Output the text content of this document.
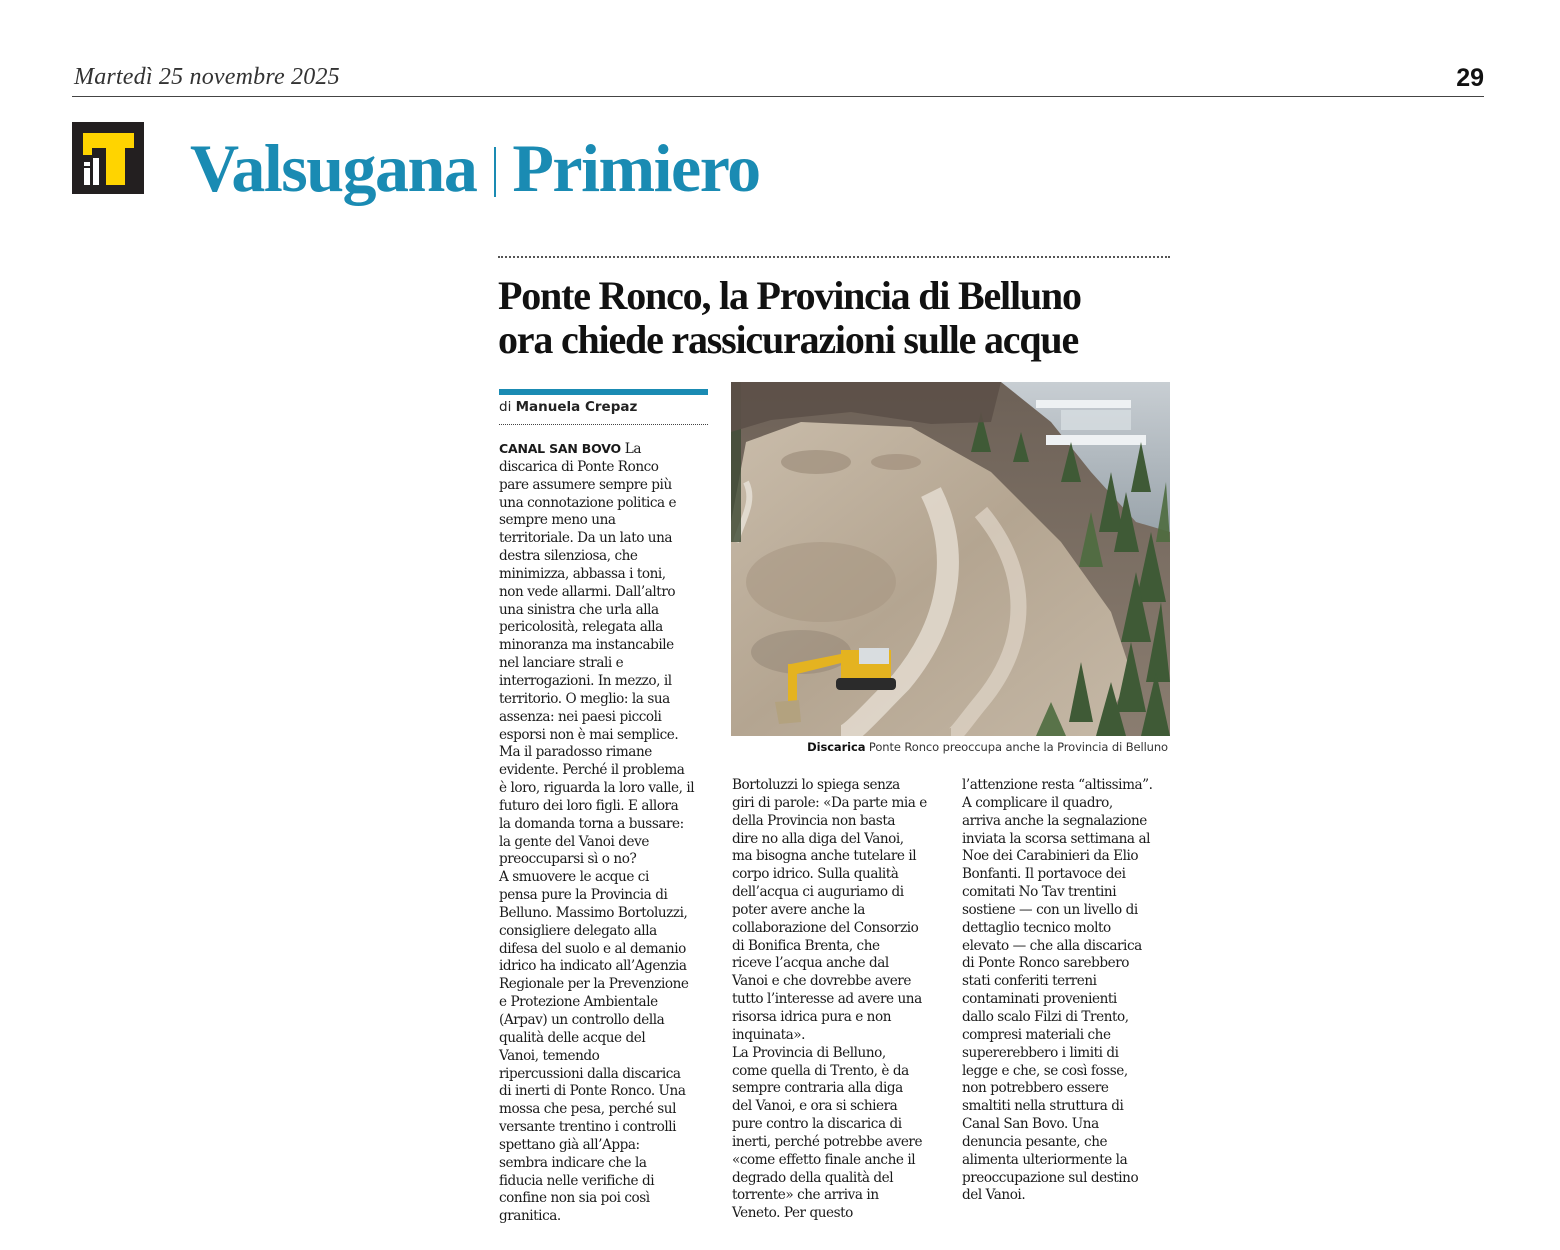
Martedì 25 novembre 2025	29
Valsugana Primiero
Ponte Ronco, la Provincia di Belluno
ora chiede rassicurazioni sulle acque
di Manuela Crepaz
CANAL SAN BOVO La
discarica di Ponte Ronco
pare assumere sempre più
una connotazione politica e
sempre meno una
territoriale. Da un lato una
destra silenziosa, che
minimizza, abbassa i toni,
non vede allarmi. Dall’altro
una sinistra che urla alla
pericolosità, relegata alla
minoranza ma instancabile
nel lanciare strali e
interrogazioni. In mezzo, il
territorio. O meglio: la sua
assenza: nei paesi piccoli
esporsi non è mai semplice.
Ma il paradosso rimane
evidente. Perché il problema
è loro, riguarda la loro valle, il
futuro dei loro figli. E allora
la domanda torna a bussare:
la gente del Vanoi deve
preoccuparsi sì o no?
A smuovere le acque ci
pensa pure la Provincia di
Belluno. Massimo Bortoluzzi,
consigliere delegato alla
difesa del suolo e al demanio
idrico ha indicato all’Agenzia
Regionale per la Prevenzione
e Protezione Ambientale
(Arpav) un controllo della
qualità delle acque del
Vanoi, temendo
ripercussioni dalla discarica
di inerti di Ponte Ronco. Una
mossa che pesa, perché sul
versante trentino i controlli
spettano già all’Appa:
sembra indicare che la
fiducia nelle verifiche di
confine non sia poi così
granitica.
Discarica Ponte Ronco preoccupa anche la Provincia di Belluno
Bortoluzzi lo spiega senza
giri di parole: «Da parte mia e
della Provincia non basta
dire no alla diga del Vanoi,
ma bisogna anche tutelare il
corpo idrico. Sulla qualità
dell’acqua ci auguriamo di
poter avere anche la
collaborazione del Consorzio
di Bonifica Brenta, che
riceve l’acqua anche dal
Vanoi e che dovrebbe avere
tutto l’interesse ad avere una
risorsa idrica pura e non
inquinata».
La Provincia di Belluno,
come quella di Trento, è da
sempre contraria alla diga
del Vanoi, e ora si schiera
pure contro la discarica di
inerti, perché potrebbe avere
«come effetto finale anche il
degrado della qualità del
torrente» che arriva in
Veneto. Per questo
l’attenzione resta “altissima”.
A complicare il quadro,
arriva anche la segnalazione
inviata la scorsa settimana al
Noe dei Carabinieri da Elio
Bonfanti. Il portavoce dei
comitati No Tav trentini
sostiene — con un livello di
dettaglio tecnico molto
elevato — che alla discarica
di Ponte Ronco sarebbero
stati conferiti terreni
contaminati provenienti
dallo scalo Filzi di Trento,
compresi materiali che
supererebbero i limiti di
legge e che, se così fosse,
non potrebbero essere
smaltiti nella struttura di
Canal San Bovo. Una
denuncia pesante, che
alimenta ulteriormente la
preoccupazione sul destino
del Vanoi.
